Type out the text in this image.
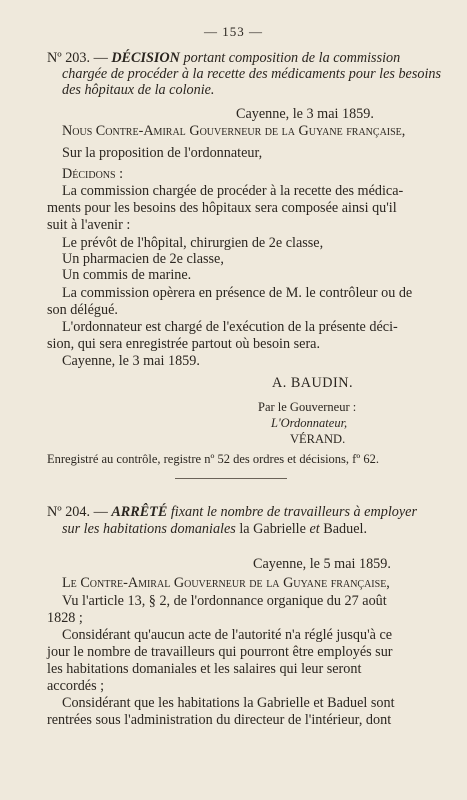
— 153 —
Nº 203. — DÉCISION portant composition de la commission
chargée de procéder à la recette des médicaments pour les besoins
des hôpitaux de la colonie.
Cayenne, le 3 mai 1859.
Nous Contre-Amiral Gouverneur de la Guyane française,
Sur la proposition de l'ordonnateur,
Décidons :
La commission chargée de procéder à la recette des médica-
ments pour les besoins des hôpitaux sera composée ainsi qu'il
suit à l'avenir :
Le prévôt de l'hôpital, chirurgien de 2e classe,
Un pharmacien de 2e classe,
Un commis de marine.
La commission opèrera en présence de M. le contrôleur ou de
son délégué.
L'ordonnateur est chargé de l'exécution de la présente déci-
sion, qui sera enregistrée partout où besoin sera.
Cayenne, le 3 mai 1859.
A. BAUDIN.
Par le Gouverneur :
L'Ordonnateur,
VÉRAND.
Enregistré au contrôle, registre nº 52 des ordres et décisions, fº 62.
Nº 204. — ARRÊTÉ fixant le nombre de travailleurs à employer
sur les habitations domaniales la Gabrielle et Baduel.
Cayenne, le 5 mai 1859.
Le Contre-Amiral Gouverneur de la Guyane française,
Vu l'article 13, § 2, de l'ordonnance organique du 27 août
1828 ;
Considérant qu'aucun acte de l'autorité n'a réglé jusqu'à ce
jour le nombre de travailleurs qui pourront être employés sur
les habitations domaniales et les salaires qui leur seront
accordés ;
Considérant que les habitations la Gabrielle et Baduel sont
rentrées sous l'administration du directeur de l'intérieur, dont
